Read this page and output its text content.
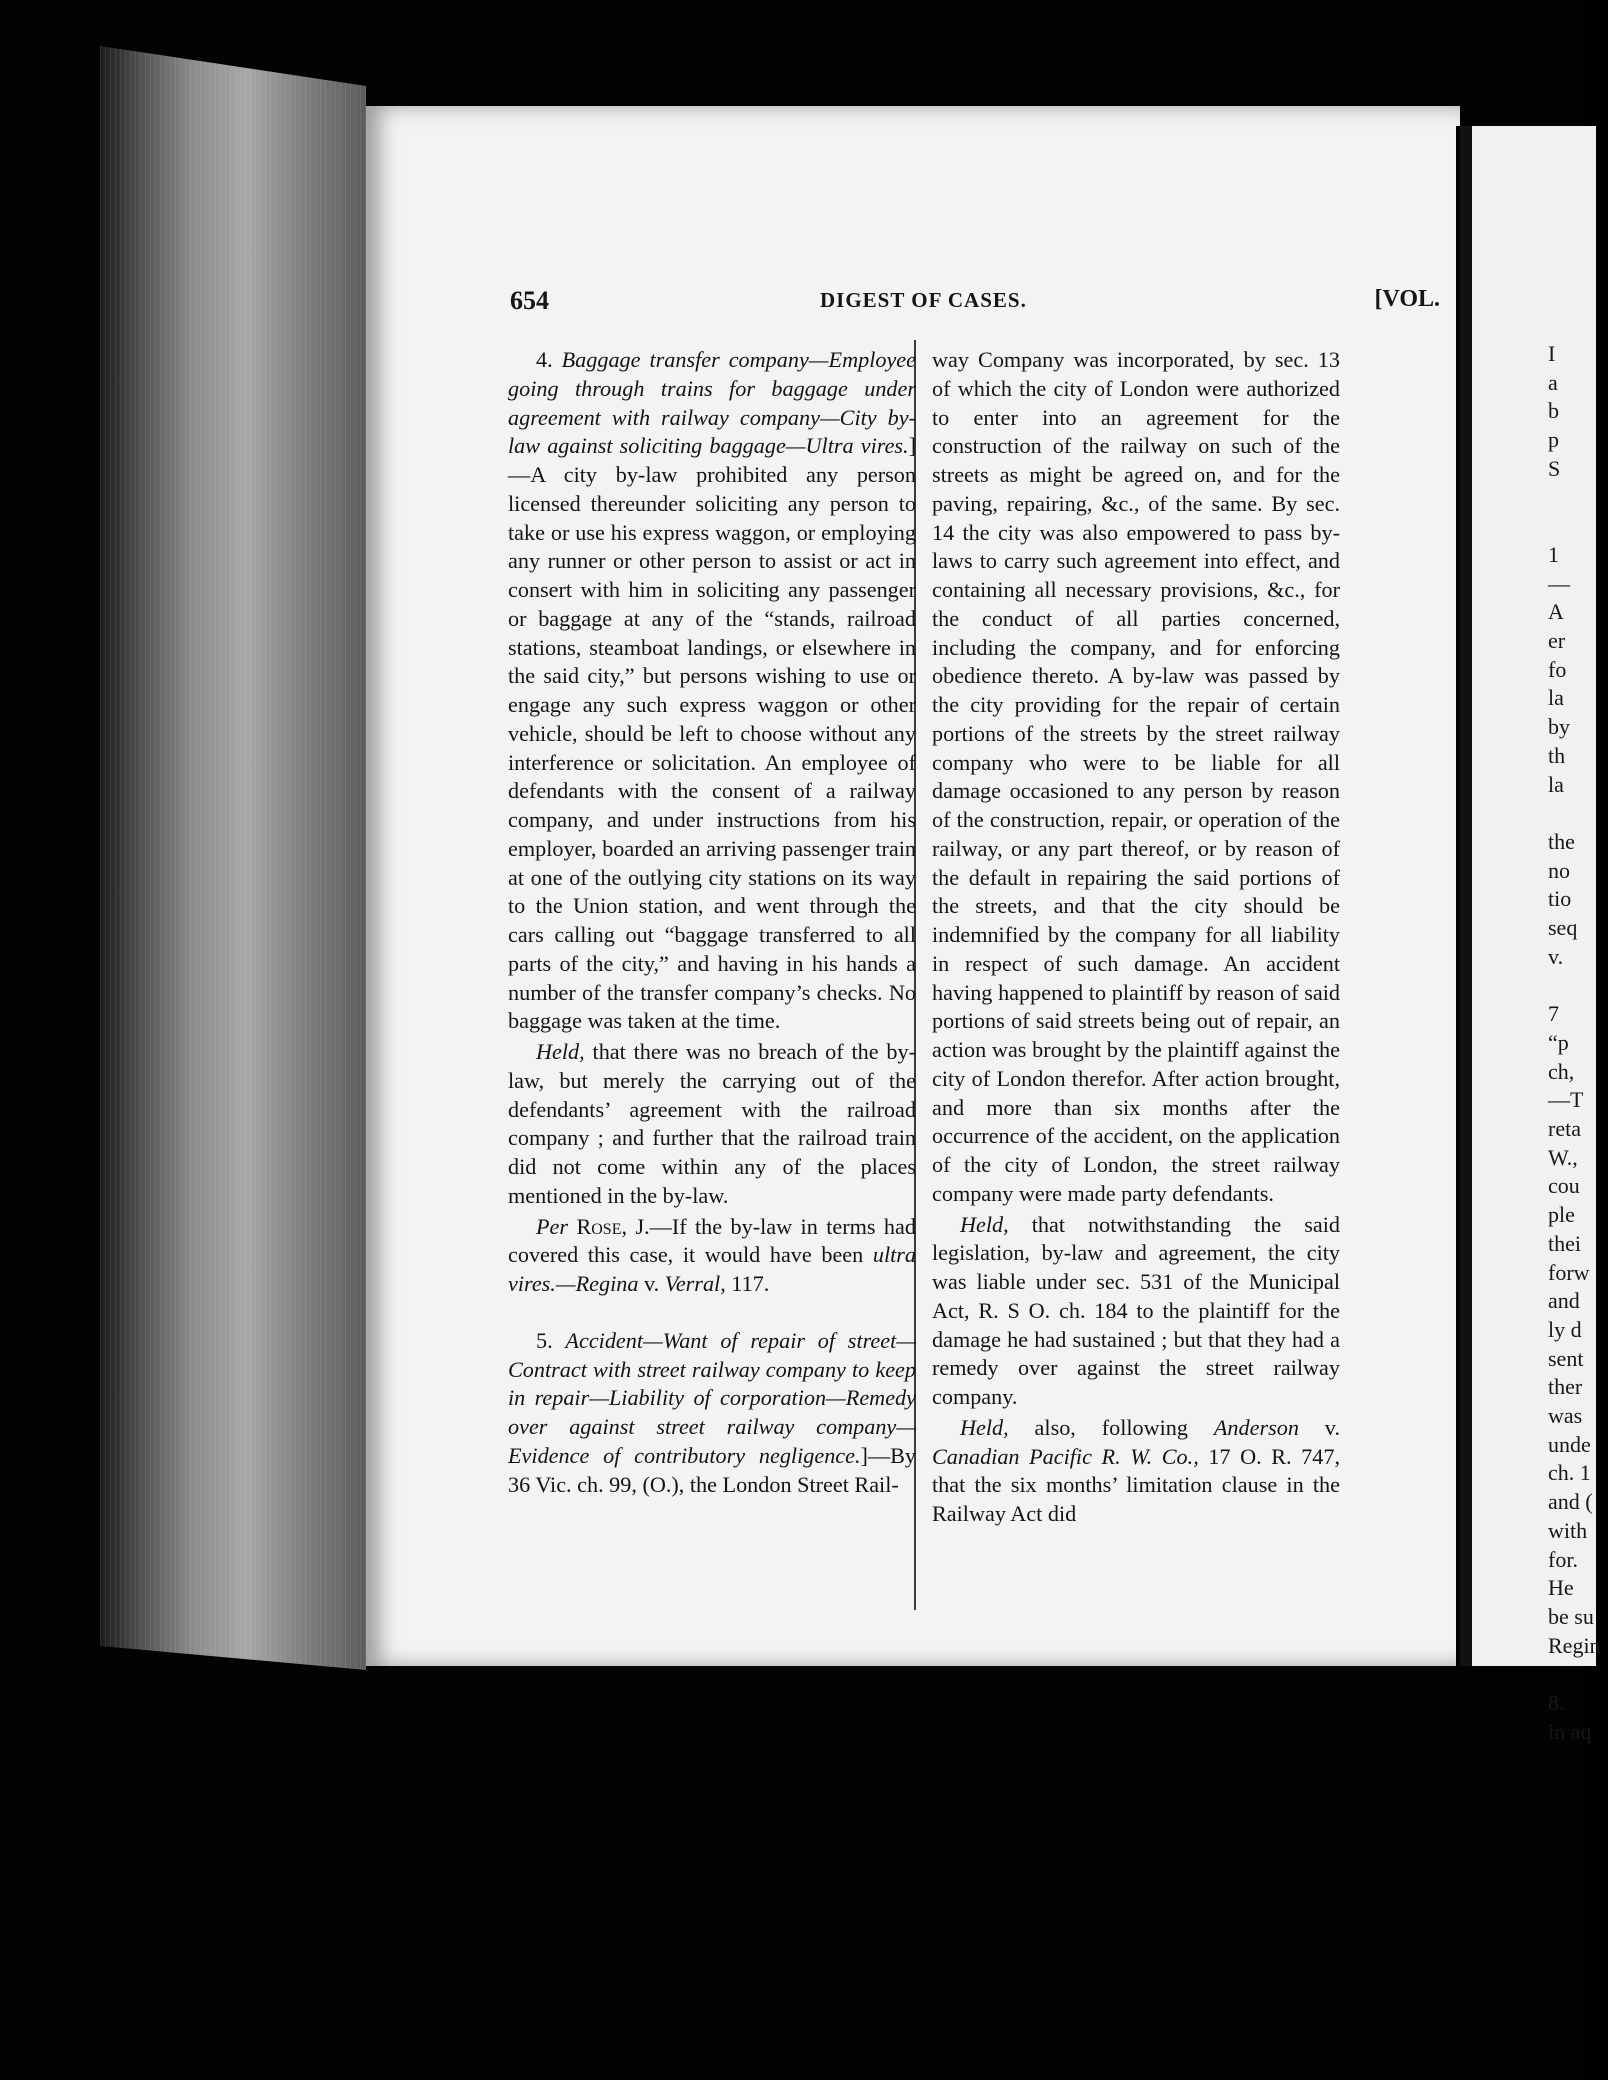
654	DIGEST OF CASES.	[VOL.

4. Baggage transfer company—Employee going through trains for baggage under agreement with railway company—City by-law against soliciting baggage—Ultra vires.]—A city by-law prohibited any person licensed thereunder soliciting any person to take or use his express waggon, or employing any runner or other person to assist or act in consert with him in soliciting any passenger or baggage at any of the “stands, railroad stations, steamboat landings, or elsewhere in the said city,” but persons wishing to use or engage any such express waggon or other vehicle, should be left to choose without any interference or solicitation. An employee of defendants with the consent of a railway company, and under instructions from his employer, boarded an arriving passenger train at one of the outlying city stations on its way to the Union station, and went through the cars calling out “baggage transferred to all parts of the city,” and having in his hands a number of the transfer company’s checks. No baggage was taken at the time.

Held, that there was no breach of the by-law, but merely the carrying out of the defendants’ agreement with the railroad company ; and further that the railroad train did not come within any of the places mentioned in the by-law.

Per Rose, J.—If the by-law in terms had covered this case, it would have been ultra vires.—Regina v. Verral, 117.

5. Accident—Want of repair of street—Contract with street railway company to keep in repair—Liability of corporation—Remedy over against street railway company—Evidence of contributory negligence.]—By 36 Vic. ch. 99, (O.), the London Street Rail-

way Company was incorporated, by sec. 13 of which the city of London were authorized to enter into an agreement for the construction of the railway on such of the streets as might be agreed on, and for the paving, repairing, &c., of the same. By sec. 14 the city was also empowered to pass by-laws to carry such agreement into effect, and containing all necessary provisions, &c., for the conduct of all parties concerned, including the company, and for enforcing obedience thereto. A by-law was passed by the city providing for the repair of certain portions of the streets by the street railway company who were to be liable for all damage occasioned to any person by reason of the construction, repair, or operation of the railway, or any part thereof, or by reason of the default in repairing the said portions of the streets, and that the city should be indemnified by the company for all liability in respect of such damage. An accident having happened to plaintiff by reason of said portions of said streets being out of repair, an action was brought by the plaintiff against the city of London therefor. After action brought, and more than six months after the occurrence of the accident, on the application of the city of London, the street railway company were made party defendants.

Held, that notwithstanding the said legislation, by-law and agreement, the city was liable under sec. 531 of the Municipal Act, R. S O. ch. 184 to the plaintiff for the damage he had sustained ; but that they had a remedy over against the street railway company.

Held, also, following Anderson v. Canadian Pacific R. W. Co., 17 O. R. 747, that the six months’ limitation clause in the Railway Act did

I
a
b
p
S

1
—
A
er
fo
la
by
th
la

the
no
tio
seq
v.

7
“p
ch,
—T
reta
W.,
cou
ple
thei
forw
and
ly d
sent
ther
was
unde
ch. 1
and (
with
for.
He
be su
Regin

8.
in aq
